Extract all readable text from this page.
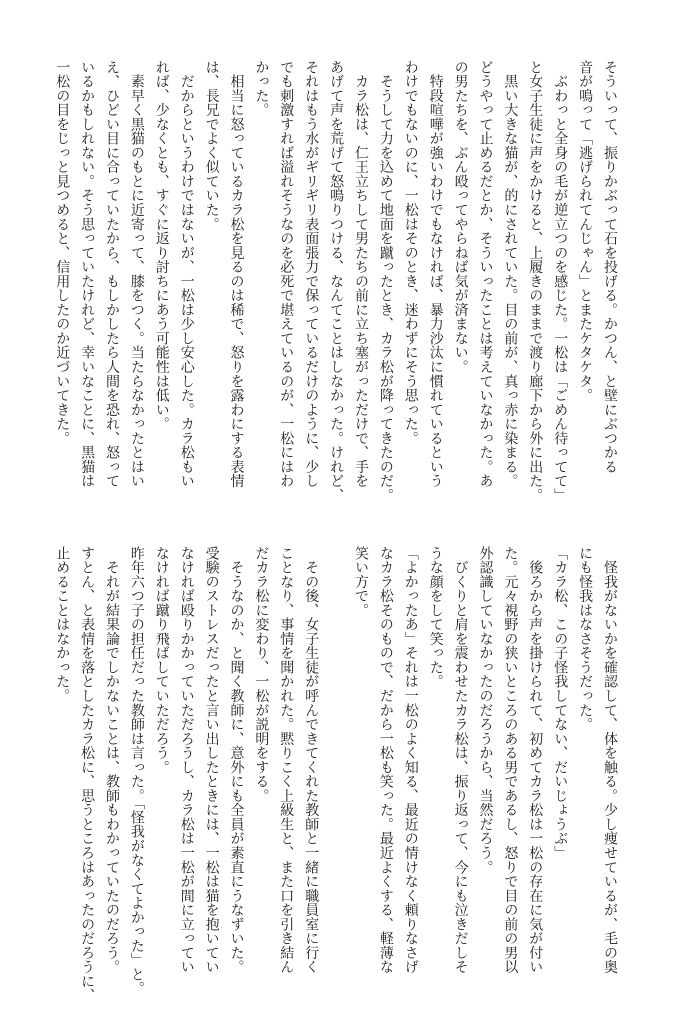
そういって、振りかぶって石を投げる。かつん、と壁にぶつかる
音が鳴って「逃げられてんじゃん」とまたケタケタ。
　ぶわっと全身の毛が逆立つのを感じた。一松は「ごめん待ってて」
と女子生徒に声をかけると、上履きのままで渡り廊下から外に出た。
　黒い大きな猫が、的にされていた。目の前が、真っ赤に染まる。
どうやって止めるだとか、そういったことは考えていなかった。あ
の男たちを、ぶん殴ってやらねば気が済まない。
　特段喧嘩が強いわけでもなければ、暴力沙汰に慣れているという
わけでもないのに、一松はそのとき、迷わずにそう思った。
　そうして力を込めて地面を蹴ったとき、カラ松が降ってきたのだ。
　カラ松は、仁王立ちして男たちの前に立ち塞がっただけで、手を
あげて声を荒げて怒鳴りつける、なんてことはしなかった。けれど、
それはもう水がギリギリ表面張力で保っているだけのように、少し
でも刺激すれば溢れそうなのを必死で堪えているのが、一松にはわ
かった。
　相当に怒っているカラ松を見るのは稀で、怒りを露わにする表情
は、長兄でよく似ていた。
　だからというわけではないが、一松は少し安心した。カラ松もい
れば、少なくとも、すぐに返り討ちにあう可能性は低い。
　素早く黒猫のもとに近寄って、膝をつく。当たらなかったとはい
え、ひどい目に合っていたから、もしかしたら人間を恐れ、怒って
いるかもしれない。そう思っていたけれど、幸いなことに、黒猫は
一松の目をじっと見つめると、信用したのか近づいてきた。
　怪我がないかを確認して、体を触る。少し痩せているが、毛の奥
にも怪我はなさそうだった。
「カラ松、この子怪我してない、だいじょうぶ」
　後ろから声を掛けられて、初めてカラ松は一松の存在に気が付い
た。元々視野の狭いところのある男であるし、怒りで目の前の男以
外認識していなかったのだろうから、当然だろう。
　びくりと肩を震わせたカラ松は、振り返って、今にも泣きだしそ
うな顔をして笑った。
「よかったあ」それは一松のよく知る、最近の情けなく頼りなさげ
なカラ松そのもので、だから一松も笑った。最近よくする、軽薄な
笑い方で。
　その後、女子生徒が呼んできてくれた教師と一緒に職員室に行く
ことなり、事情を聞かれた。黙りこく上級生と、また口を引き結ん
だカラ松に変わり、一松が説明をする。
　そうなのか、と聞く教師に、意外にも全員が素直にうなずいた。
受験のストレスだったと言い出したときには、一松は猫を抱いてい
なければ殴りかかっていただろうし、カラ松は一松が間に立ってい
なければ蹴り飛ばしていただろう。
昨年六つ子の担任だった教師は言った。「怪我がなくてよかった」と。
　それが結果論でしかないことは、教師もわかっていたのだろう。
すとん、と表情を落としたカラ松に、思うところはあったのだろうに、
止めることはなかった。
